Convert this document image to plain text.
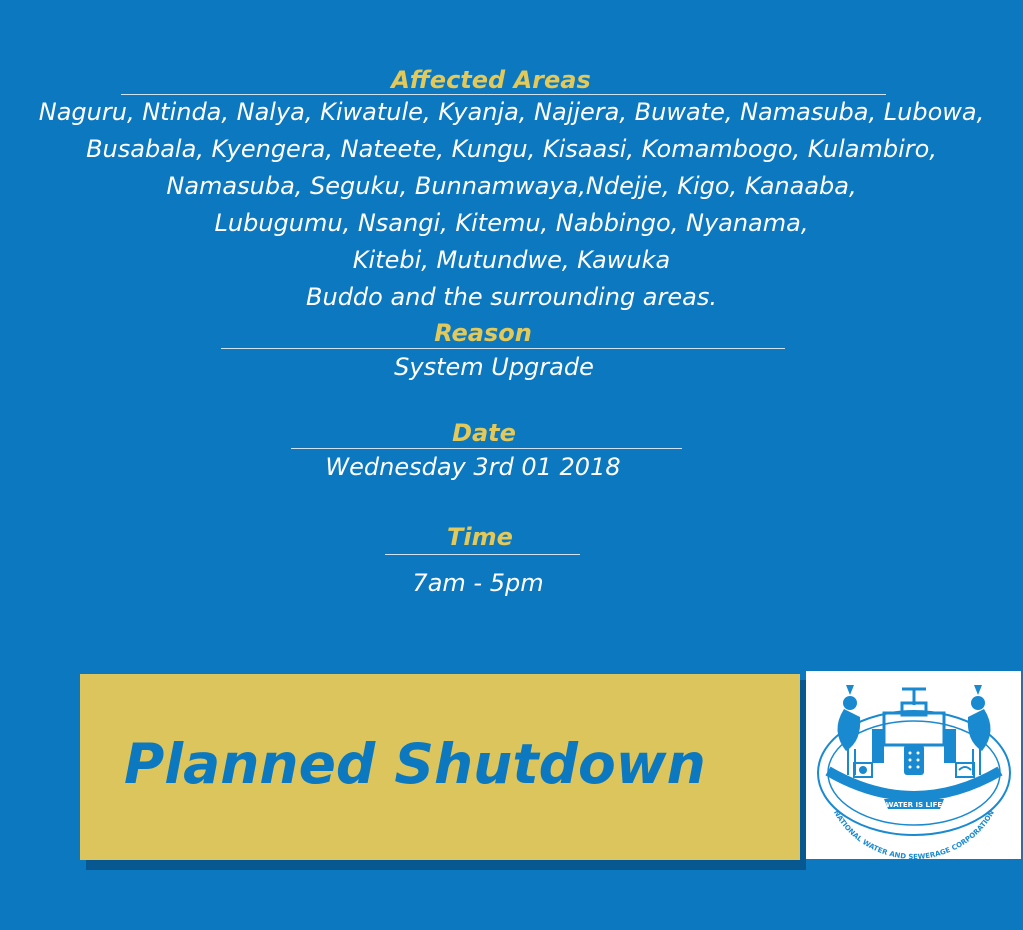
Affected Areas
Naguru, Ntinda, Nalya, Kiwatule, Kyanja, Najjera, Buwate, Namasuba, Lubowa,
Busabala, Kyengera, Nateete, Kungu, Kisaasi, Komambogo, Kulambiro,
Namasuba, Seguku, Bunnamwaya,Ndejje, Kigo, Kanaaba,
Lubugumu, Nsangi, Kitemu, Nabbingo, Nyanama,
Kitebi, Mutundwe, Kawuka
Buddo and the surrounding areas.
Reason
System Upgrade
Date
Wednesday 3rd 01 2018
Time
7am - 5pm
Planned Shutdown
WATER IS LIFE
NATIONAL WATER AND SEWERAGE CORPORATION
